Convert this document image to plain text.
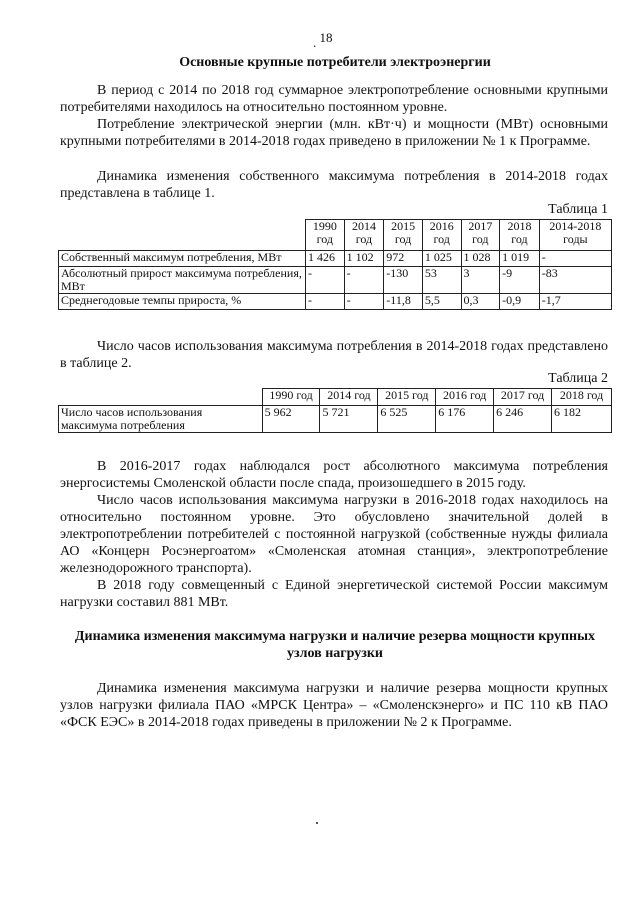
. 18
Основные крупные потребители электроэнергии
В период с 2014 по 2018 год суммарное электропотребление основными крупными потребителями находилось на относительно постоянном уровне.
Потребление электрической энергии (млн. кВт·ч) и мощности (МВт) основными крупными потребителями в 2014-2018 годах приведено в приложении № 1 к Программе.
Динамика изменения собственного максимума потребления в 2014-2018 годах представлена в таблице 1.
Таблица 1
	1990 год	2014 год	2015 год	2016 год	2017 год	2018 год	2014-2018 годы
Собственный максимум потребления, МВт	1 426	1 102	972	1 025	1 028	1 019	-
Абсолютный прирост максимума потребления, МВт	-	-	-130	53	3	-9	-83
Среднегодовые темпы прироста, %	-	-	-11,8	5,5	0,3	-0,9	-1,7
Число часов использования максимума потребления в 2014-2018 годах представлено в таблице 2.
Таблица 2
	1990 год	2014 год	2015 год	2016 год	2017 год	2018 год
Число часов использования максимума потребления	5 962	5 721	6 525	6 176	6 246	6 182
В 2016-2017 годах наблюдался рост абсолютного максимума потребления энергосистемы Смоленской области после спада, произошедшего в 2015 году.
Число часов использования максимума нагрузки в 2016-2018 годах находилось на относительно постоянном уровне. Это обусловлено значительной долей в электропотреблении потребителей с постоянной нагрузкой (собственные нужды филиала АО «Концерн Росэнергоатом» «Смоленская атомная станция», электропотребление железнодорожного транспорта).
В 2018 году совмещенный с Единой энергетической системой России максимум нагрузки составил 881 МВт.
Динамика изменения максимума нагрузки и наличие резерва мощности крупных узлов нагрузки
Динамика изменения максимума нагрузки и наличие резерва мощности крупных узлов нагрузки филиала ПАО «МРСК Центра» – «Смоленскэнерго» и ПС 110 кВ ПАО «ФСК ЕЭС» в 2014-2018 годах приведены в приложении № 2 к Программе.
